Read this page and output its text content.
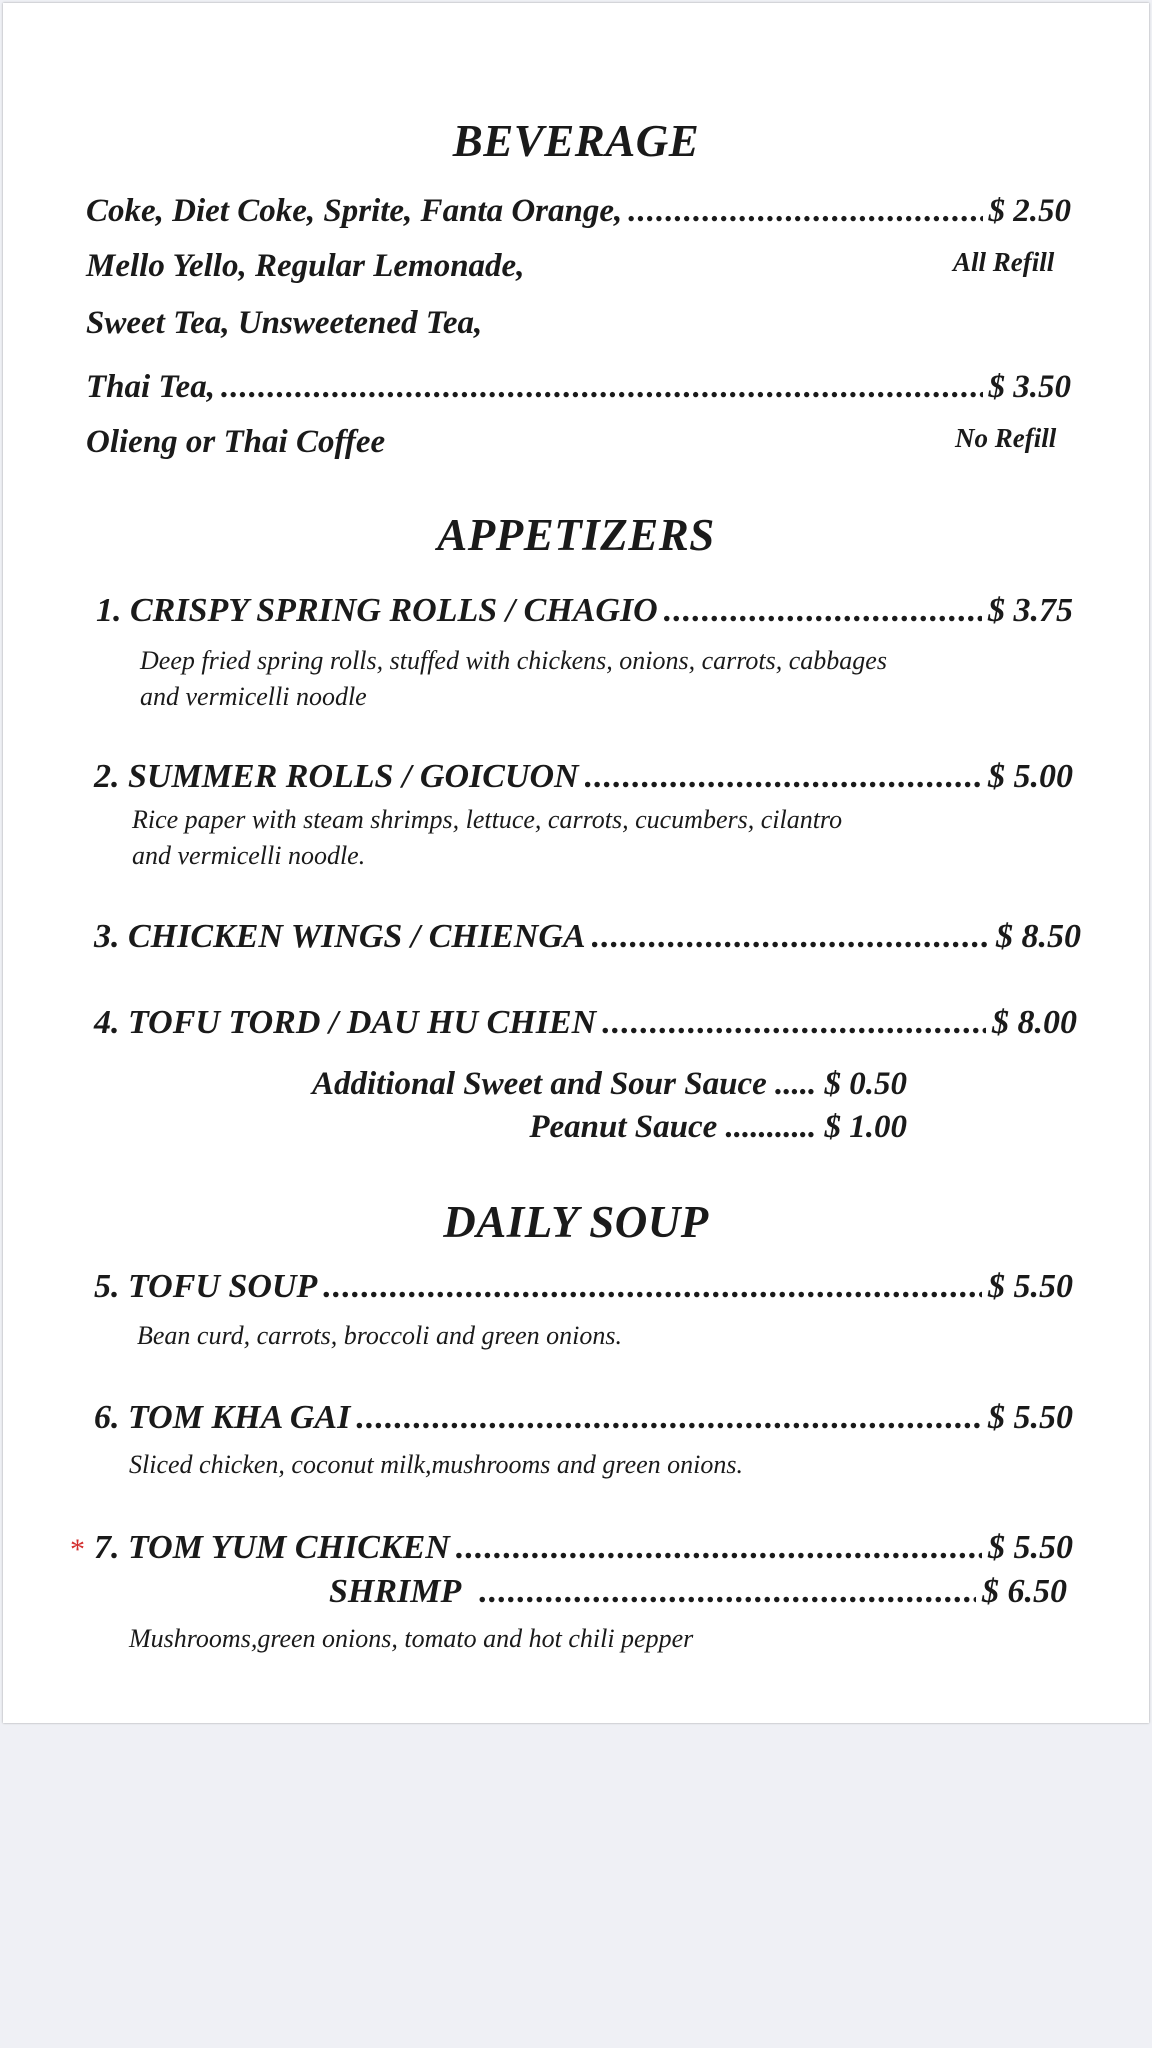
BEVERAGE
Coke, Diet Coke, Sprite, Fanta Orange, .....	$ 2.50
Mello Yello, Regular Lemonade,	All Refill
Sweet Tea, Unsweetened Tea,
Thai Tea, .....	$ 3.50
Olieng or Thai Coffee	No Refill
APPETIZERS
1. CRISPY SPRING ROLLS / CHAGIO .....	$ 3.75
Deep fried spring rolls, stuffed with chickens, onions, carrots, cabbages
and vermicelli noodle
2. SUMMER ROLLS / GOICUON .....	$ 5.00
Rice paper with steam shrimps, lettuce, carrots, cucumbers, cilantro
and vermicelli noodle.
3. CHICKEN WINGS / CHIENGA .....	$ 8.50
4. TOFU TORD / DAU HU CHIEN .....	$ 8.00
Additional Sweet and Sour Sauce ..... $ 0.50
Peanut Sauce ........... $ 1.00
DAILY SOUP
5. TOFU SOUP .....	$ 5.50
Bean curd, carrots, broccoli and green onions.
6. TOM KHA GAI .....	$ 5.50
Sliced chicken, coconut milk,mushrooms and green onions.
* 7. TOM YUM CHICKEN .....	$ 5.50
SHRIMP .....	$ 6.50
Mushrooms,green onions, tomato and hot chili pepper
